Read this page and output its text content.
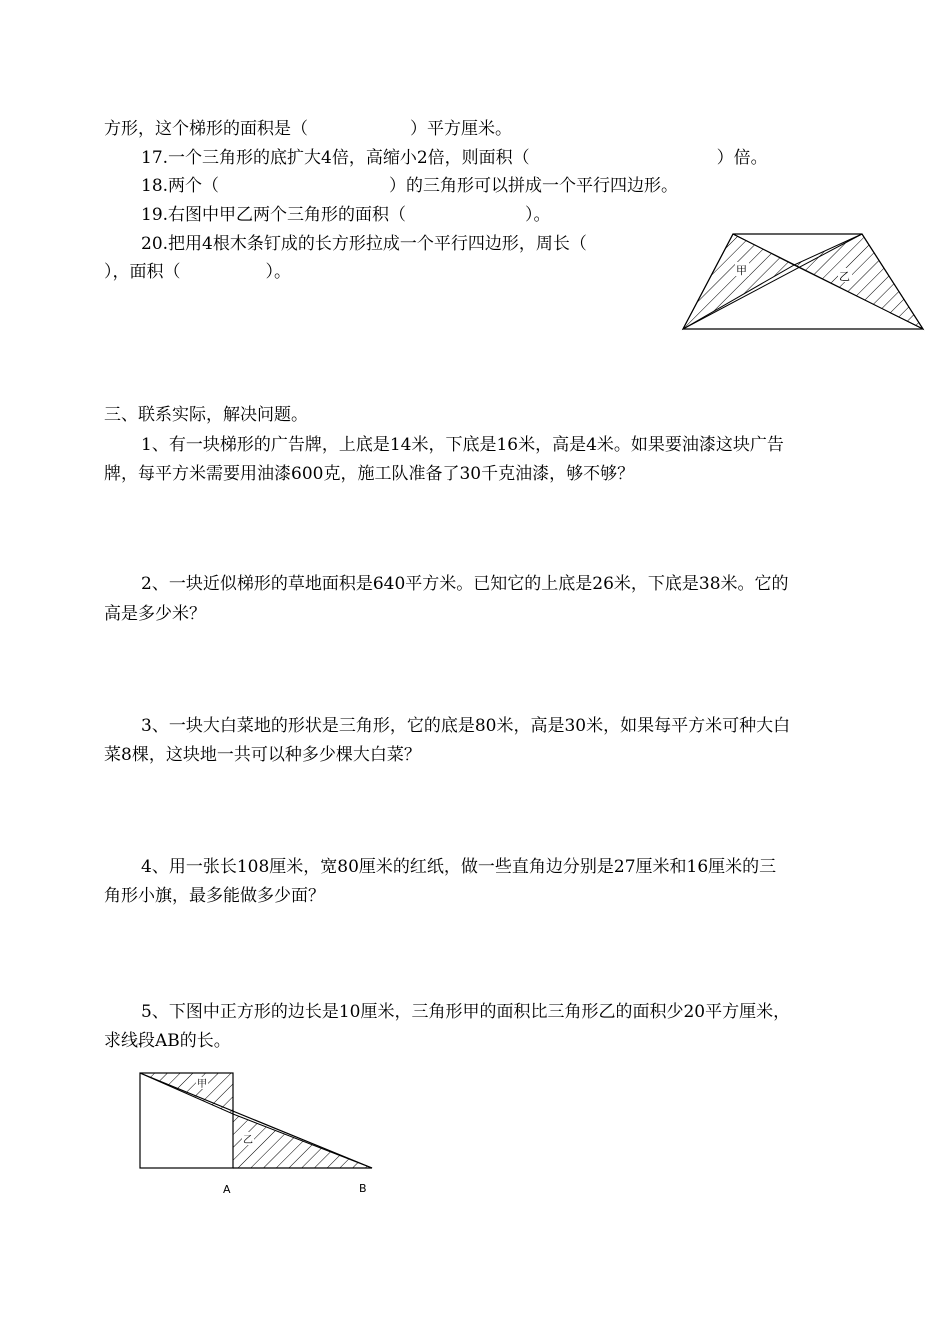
方形，这个梯形的面积是（　　　　　　）平方厘米。
17.一个三角形的底扩大4倍，高缩小2倍，则面积（　　　　　　　　　　　）倍。
18.两个（　　　　　　　　　　）的三角形可以拼成一个平行四边形。
19.右图中甲乙两个三角形的面积（　　　　　　　）。
20.把用4根木条钉成的长方形拉成一个平行四边形，周长（
），面积（　　　　　）。	甲	乙
三、联系实际，解决问题。
1、有一块梯形的广告牌，上底是14米，下底是16米，高是4米。如果要油漆这块广告
牌，每平方米需要用油漆600克，施工队准备了30千克油漆，够不够？
2、一块近似梯形的草地面积是640平方米。已知它的上底是26米，下底是38米。它的
高是多少米？
3、一块大白菜地的形状是三角形，它的底是80米，高是30米，如果每平方米可种大白
菜8棵，这块地一共可以种多少棵大白菜？
4、用一张长108厘米，宽80厘米的红纸，做一些直角边分别是27厘米和16厘米的三
角形小旗，最多能做多少面？
5、下图中正方形的边长是10厘米，三角形甲的面积比三角形乙的面积少20平方厘米，
求线段AB的长。
甲
乙
A	B
